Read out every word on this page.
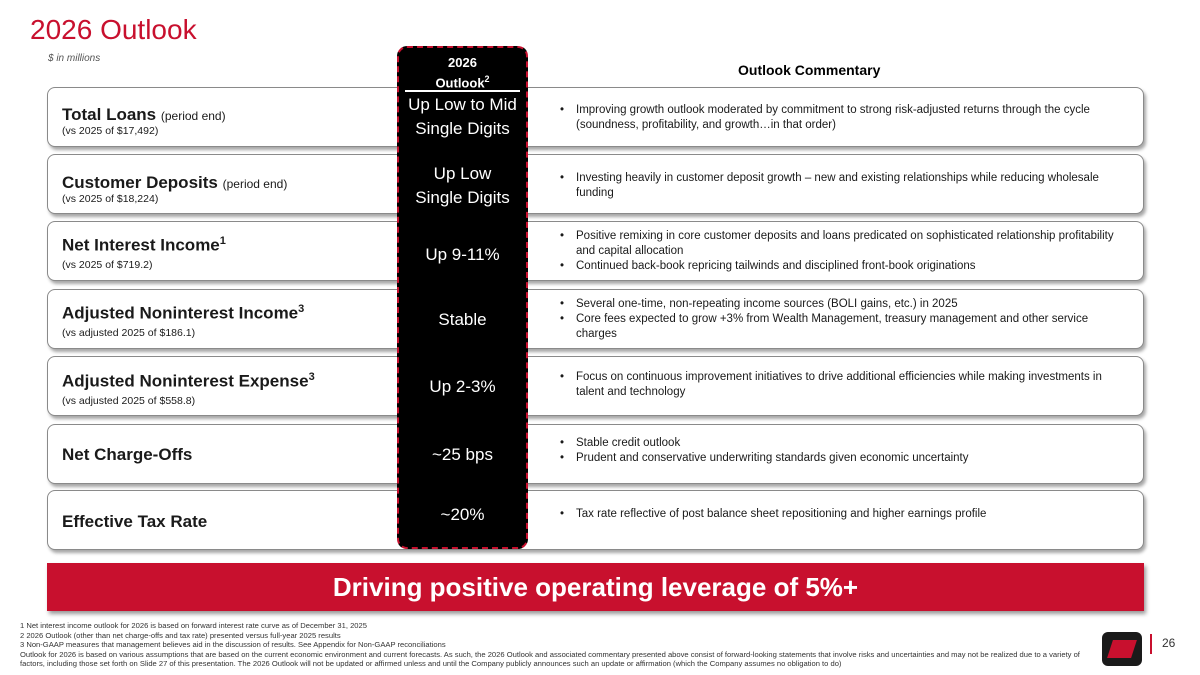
2026 Outlook
$ in millions
Outlook Commentary
Total Loans (period end)
(vs 2025 of $17,492)
• Improving growth outlook moderated by commitment to strong risk-adjusted returns through the cycle (soundness, profitability, and growth…in that order)
Customer Deposits (period end)
(vs 2025 of $18,224)
• Investing heavily in customer deposit growth – new and existing relationships while reducing wholesale funding
Net Interest Income$^1$
(vs 2025 of $719.2)
• Positive remixing in core customer deposits and loans predicated on sophisticated relationship profitability and capital allocation
• Continued back-book repricing tailwinds and disciplined front-book originations
Adjusted Noninterest Income$^3$
(vs adjusted 2025 of $186.1)
• Several one-time, non-repeating income sources (BOLI gains, etc.) in 2025
• Core fees expected to grow +3% from Wealth Management, treasury management and other service charges
Adjusted Noninterest Expense$^3$
(vs adjusted 2025 of $558.8)
• Focus on continuous improvement initiatives to drive additional efficiencies while making investments in talent and technology
Net Charge-Offs
• Stable credit outlook
• Prudent and conservative underwriting standards given economic uncertainty
Effective Tax Rate
•	Tax rate reflective of post balance sheet repositioning and higher earnings profile
2026
Outlook$^2$
Up Low to Mid
Single Digits
Up Low
Single Digits
Up 9-11%
Stable
Up 2-3%
~25 bps
~20%
Driving positive operating leverage of 5%+

1 Net interest income outlook for 2026 is based on forward interest rate curve as of December 31, 2025

2 2026 Outlook (other than net charge-offs and tax rate) presented versus full-year 2025 results

3 Non-GAAP measures that management believes aid in the discussion of results. See Appendix for Non-GAAP reconciliations

Outlook for 2026 is based on various assumptions that are based on the current economic environment and current forecasts. As such, the 2026 Outlook and associated commentary presented above consist of forward-looking statements that involve risks and uncertainties and may not be realized due to a variety of factors, including those set forth on Slide 27 of this presentation. The 2026 Outlook will not be updated or affirmed unless and until the Company publicly announces such an update or affirmation (which the Company assumes no obligation to do)

26
